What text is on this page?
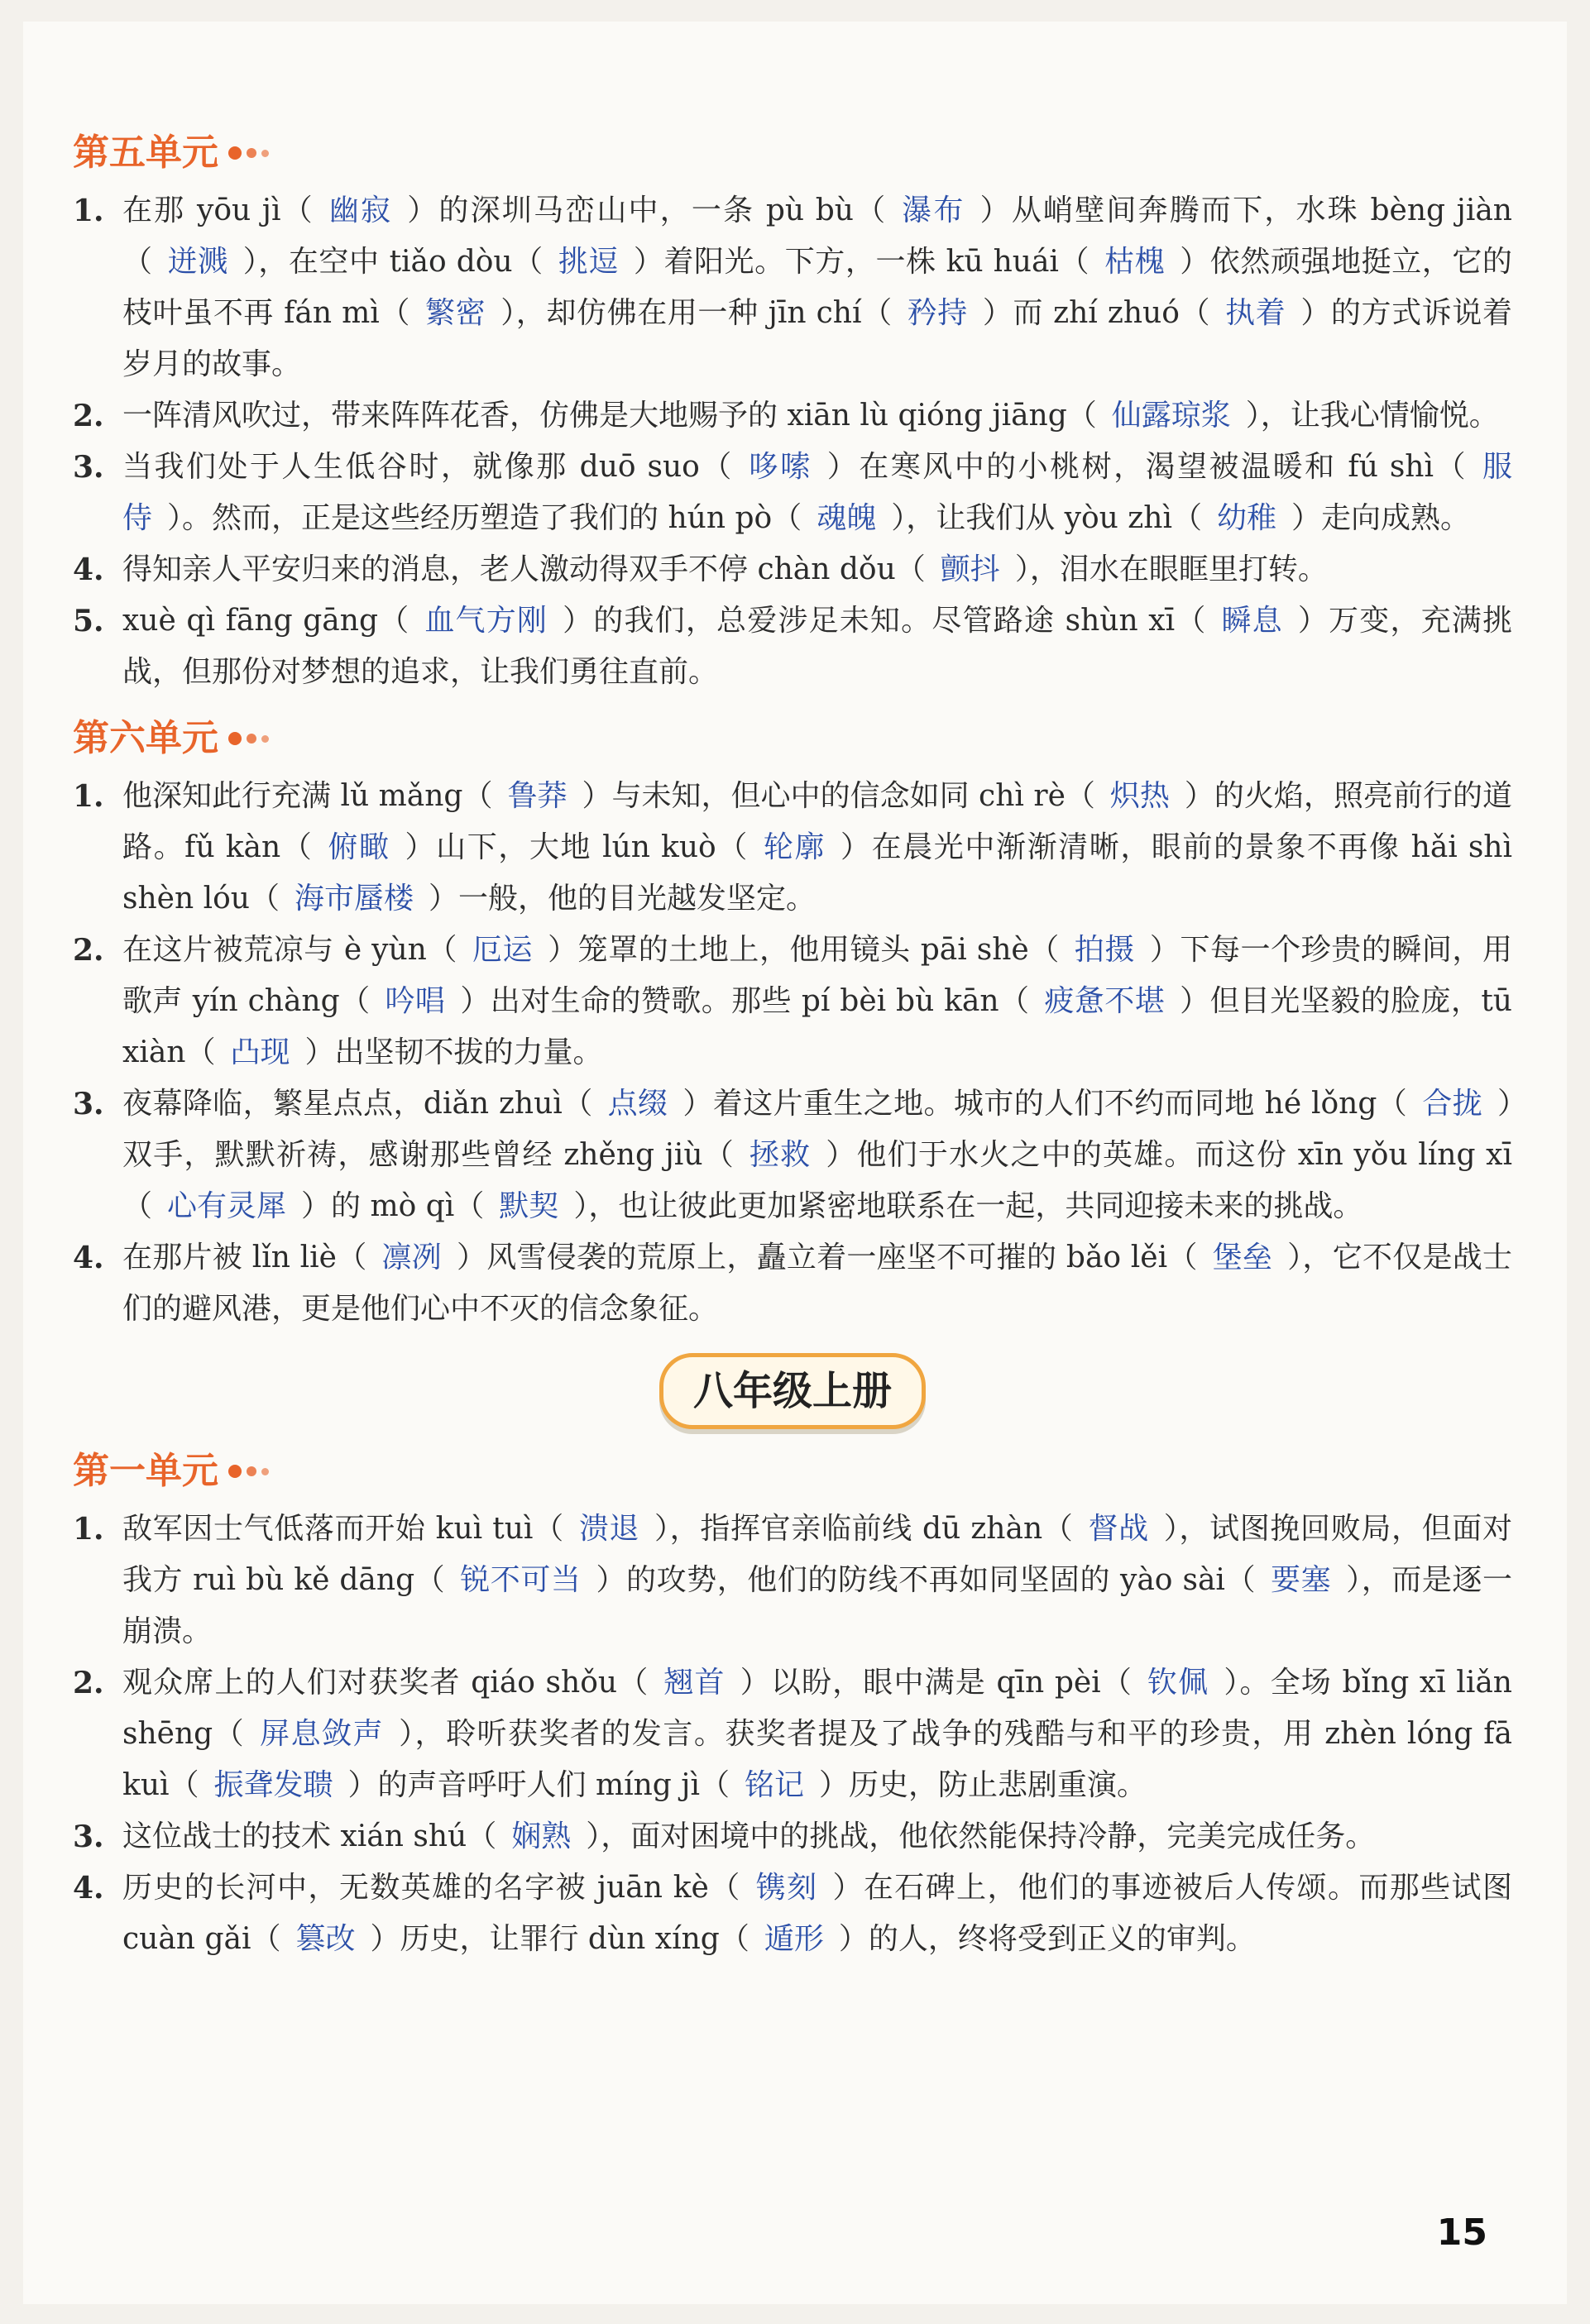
第五单元
1. 在那 yōu jì（ 幽寂 ）的深圳马峦山中，一条 pù bù（ 瀑布 ）从峭壁间奔腾而下，水珠 bèng jiàn（ 迸溅 ），在空中 tiǎo dòu（ 挑逗 ）着阳光。下方，一株 kū huái（ 枯槐 ）依然顽强地挺立，它的枝叶虽不再 fán mì（ 繁密 ），却仿佛在用一种 jīn chí（ 矜持 ）而 zhí zhuó（ 执着 ）的方式诉说着岁月的故事。
2. 一阵清风吹过，带来阵阵花香，仿佛是大地赐予的 xiān lù qióng jiāng（ 仙露琼浆 ），让我心情愉悦。
3. 当我们处于人生低谷时，就像那 duō suo（ 哆嗦 ）在寒风中的小桃树，渴望被温暖和 fú shì（ 服侍 ）。然而，正是这些经历塑造了我们的 hún pò（ 魂魄 ），让我们从 yòu zhì（ 幼稚 ）走向成熟。
4. 得知亲人平安归来的消息，老人激动得双手不停 chàn dǒu（ 颤抖 ），泪水在眼眶里打转。
5. xuè qì fāng gāng（ 血气方刚 ）的我们，总爱涉足未知。尽管路途 shùn xī（ 瞬息 ）万变，充满挑战，但那份对梦想的追求，让我们勇往直前。
第六单元
1. 他深知此行充满 lǔ mǎng（ 鲁莽 ）与未知，但心中的信念如同 chì rè（ 炽热 ）的火焰，照亮前行的道路。fǔ kàn（ 俯瞰 ）山下，大地 lún kuò（ 轮廓 ）在晨光中渐渐清晰，眼前的景象不再像 hǎi shì shèn lóu（ 海市蜃楼 ）一般，他的目光越发坚定。
2. 在这片被荒凉与 è yùn（ 厄运 ）笼罩的土地上，他用镜头 pāi shè（ 拍摄 ）下每一个珍贵的瞬间，用歌声 yín chàng（ 吟唱 ）出对生命的赞歌。那些 pí bèi bù kān（ 疲惫不堪 ）但目光坚毅的脸庞，tū xiàn（ 凸现 ）出坚韧不拔的力量。
3. 夜幕降临，繁星点点，diǎn zhuì（ 点缀 ）着这片重生之地。城市的人们不约而同地 hé lǒng（ 合拢 ）双手，默默祈祷，感谢那些曾经 zhěng jiù（ 拯救 ）他们于水火之中的英雄。而这份 xīn yǒu líng xī（ 心有灵犀 ）的 mò qì（ 默契 ），也让彼此更加紧密地联系在一起，共同迎接未来的挑战。
4. 在那片被 lǐn liè（ 凛冽 ）风雪侵袭的荒原上，矗立着一座坚不可摧的 bǎo lěi（ 堡垒 ），它不仅是战士们的避风港，更是他们心中不灭的信念象征。
八年级上册
第一单元
1. 敌军因士气低落而开始 kuì tuì（ 溃退 ），指挥官亲临前线 dū zhàn（ 督战 ），试图挽回败局，但面对我方 ruì bù kě dāng（ 锐不可当 ）的攻势，他们的防线不再如同坚固的 yào sài（ 要塞 ），而是逐一崩溃。
2. 观众席上的人们对获奖者 qiáo shǒu（ 翘首 ）以盼，眼中满是 qīn pèi（ 钦佩 ）。全场 bǐng xī liǎn shēng（ 屏息敛声 ），聆听获奖者的发言。获奖者提及了战争的残酷与和平的珍贵，用 zhèn lóng fā kuì（ 振聋发聩 ）的声音呼吁人们 míng jì（ 铭记 ）历史，防止悲剧重演。
3. 这位战士的技术 xián shú（ 娴熟 ），面对困境中的挑战，他依然能保持冷静，完美完成任务。
4. 历史的长河中，无数英雄的名字被 juān kè（ 镌刻 ）在石碑上，他们的事迹被后人传颂。而那些试图 cuàn gǎi（ 篡改 ）历史，让罪行 dùn xíng（ 遁形 ）的人，终将受到正义的审判。
15
